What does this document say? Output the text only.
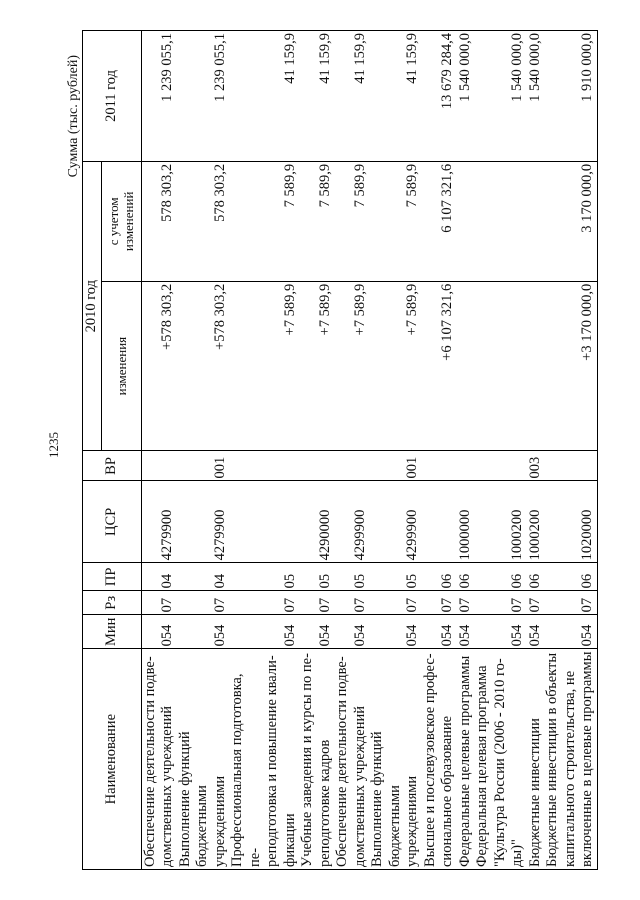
1235
Сумма (тыс. рублей)
Наименование	Мин	Рз	ПР	ЦСР	ВР	2010 год		2011 год
						изменения	с учетом изменений	

Обеспечение деятельности подве- домственных учреждений	054	07	04	4279900		+578 303,2	578 303,2	1 239 055,1

Выполнение функций бюджетными учреждениями	054	07	04	4279900	001	+578 303,2	578 303,2	1 239 055,1

Профессиональная подготовка, пе- реподготовка и повышение квали- фикации	054	07	05			+7 589,9	7 589,9	41 159,9

Учебные заведения и курсы по пе- реподготовке кадров	054	07	05	4290000		+7 589,9	7 589,9	41 159,9

Обеспечение деятельности подве- домственных учреждений	054	07	05	4299900		+7 589,9	7 589,9	41 159,9

Выполнение функций бюджетными учреждениями	054	07	05	4299900	001	+7 589,9	7 589,9	41 159,9

Высшее и послевузовское профес- сиональное образование	054	07	06			+6 107 321,6	6 107 321,6	13 679 284,4

Федеральные целевые программы	054	07	06	1000000				1 540 000,0

Федеральная целевая программа "Культура России (2006 - 2010 го- ды)"	054	07	06	1000200				1 540 000,0

Бюджетные инвестиции	054	07	06	1000200	003			1 540 000,0

Бюджетные инвестиции в объекты капитального строительства, не включенные в целевые программы	054	07	06	1020000		+3 170 000,0	3 170 000,0	1 910 000,0
